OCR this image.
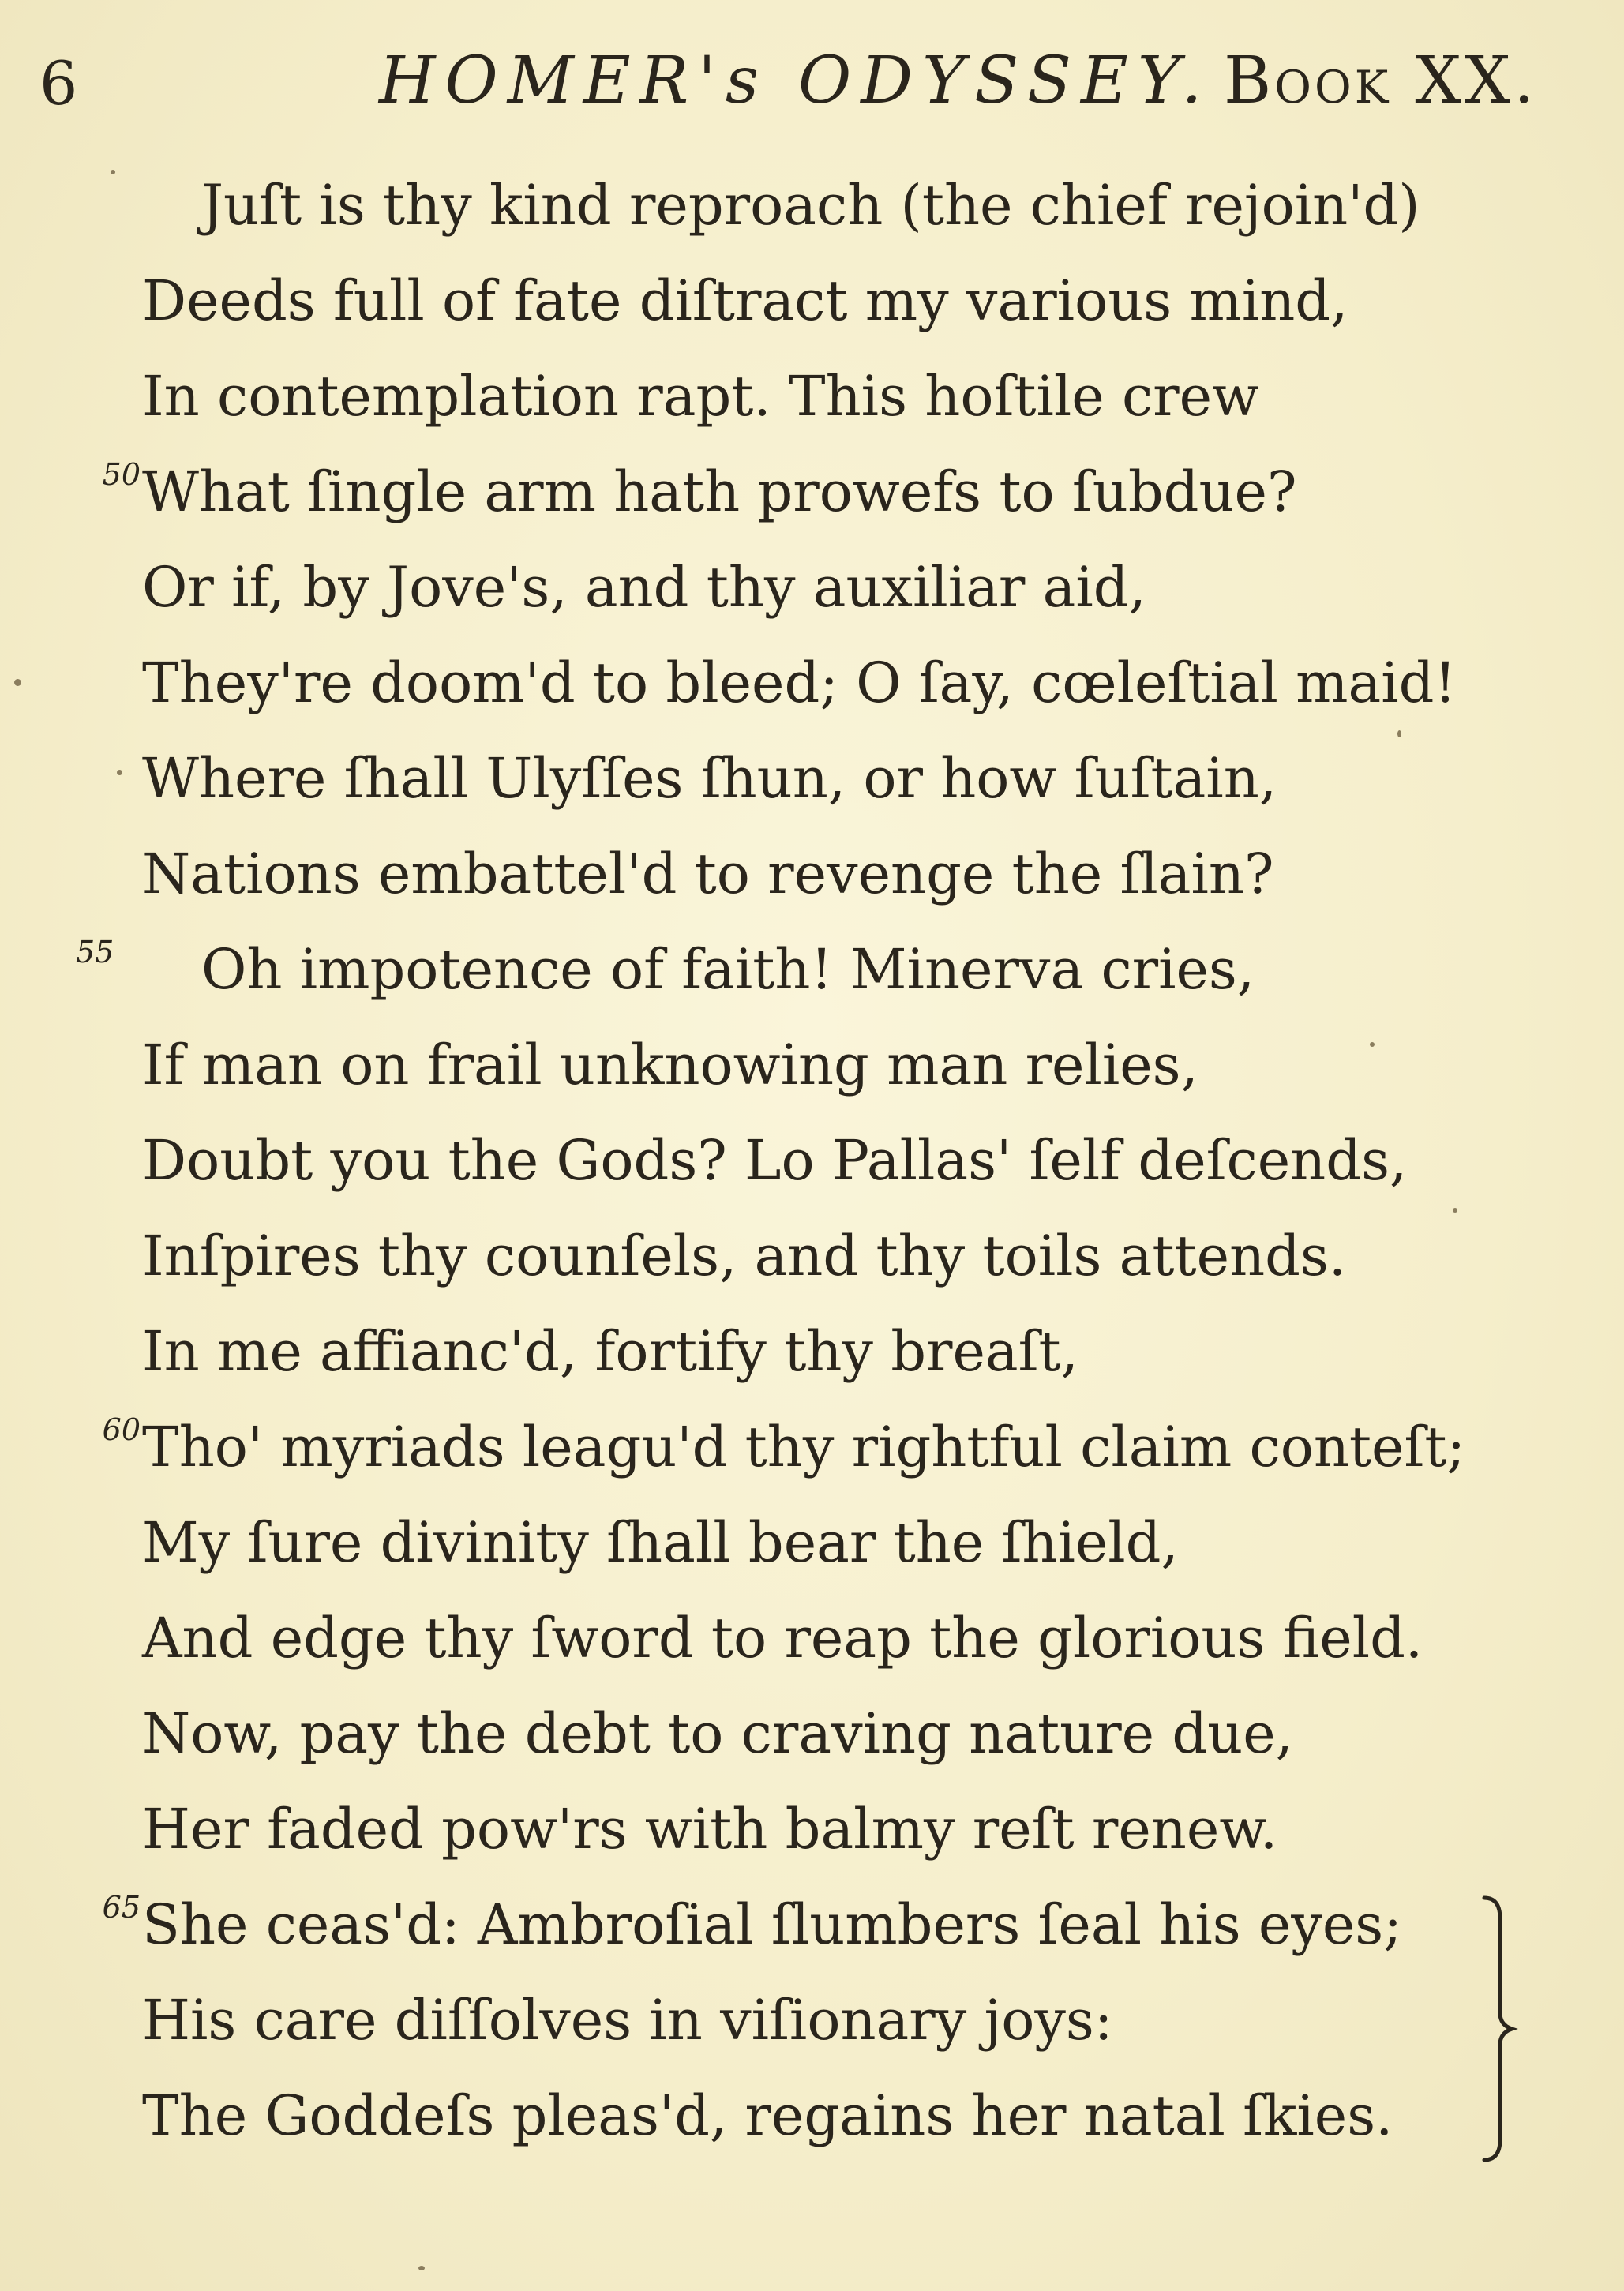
6	HOMER's ODYSSEY. Book XX.
Juſt is thy kind reproach (the chief rejoin'd)
Deeds full of fate diſtract my various mind,
In contemplation rapt. This hoſtile crew
50 What ſingle arm hath prowefs to ſubdue?
Or if, by Jove's, and thy auxiliar aid,
They're doom'd to bleed; O ſay, cœleſtial maid!
Where ſhall Ulyſſes ſhun, or how ſuſtain,
Nations embattel'd to revenge the ſlain?
55	Oh impotence of faith! Minerva cries,
If man on frail unknowing man relies,
Doubt you the Gods? Lo Pallas' ſelf deſcends,
Inſpires thy counſels, and thy toils attends.
In me affianc'd, fortify thy breaſt,
60 Tho' myriads leagu'd thy rightful claim conteſt;
My ſure divinity ſhall bear the ſhield,
And edge thy ſword to reap the glorious field.
Now, pay the debt to craving nature due,
Her faded pow'rs with balmy reſt renew.
65 She ceas'd: Ambroſial ſlumbers ſeal his eyes;
His care diſſolves in viſionary joys:
The Goddeſs pleas'd, regains her natal ſkies.
